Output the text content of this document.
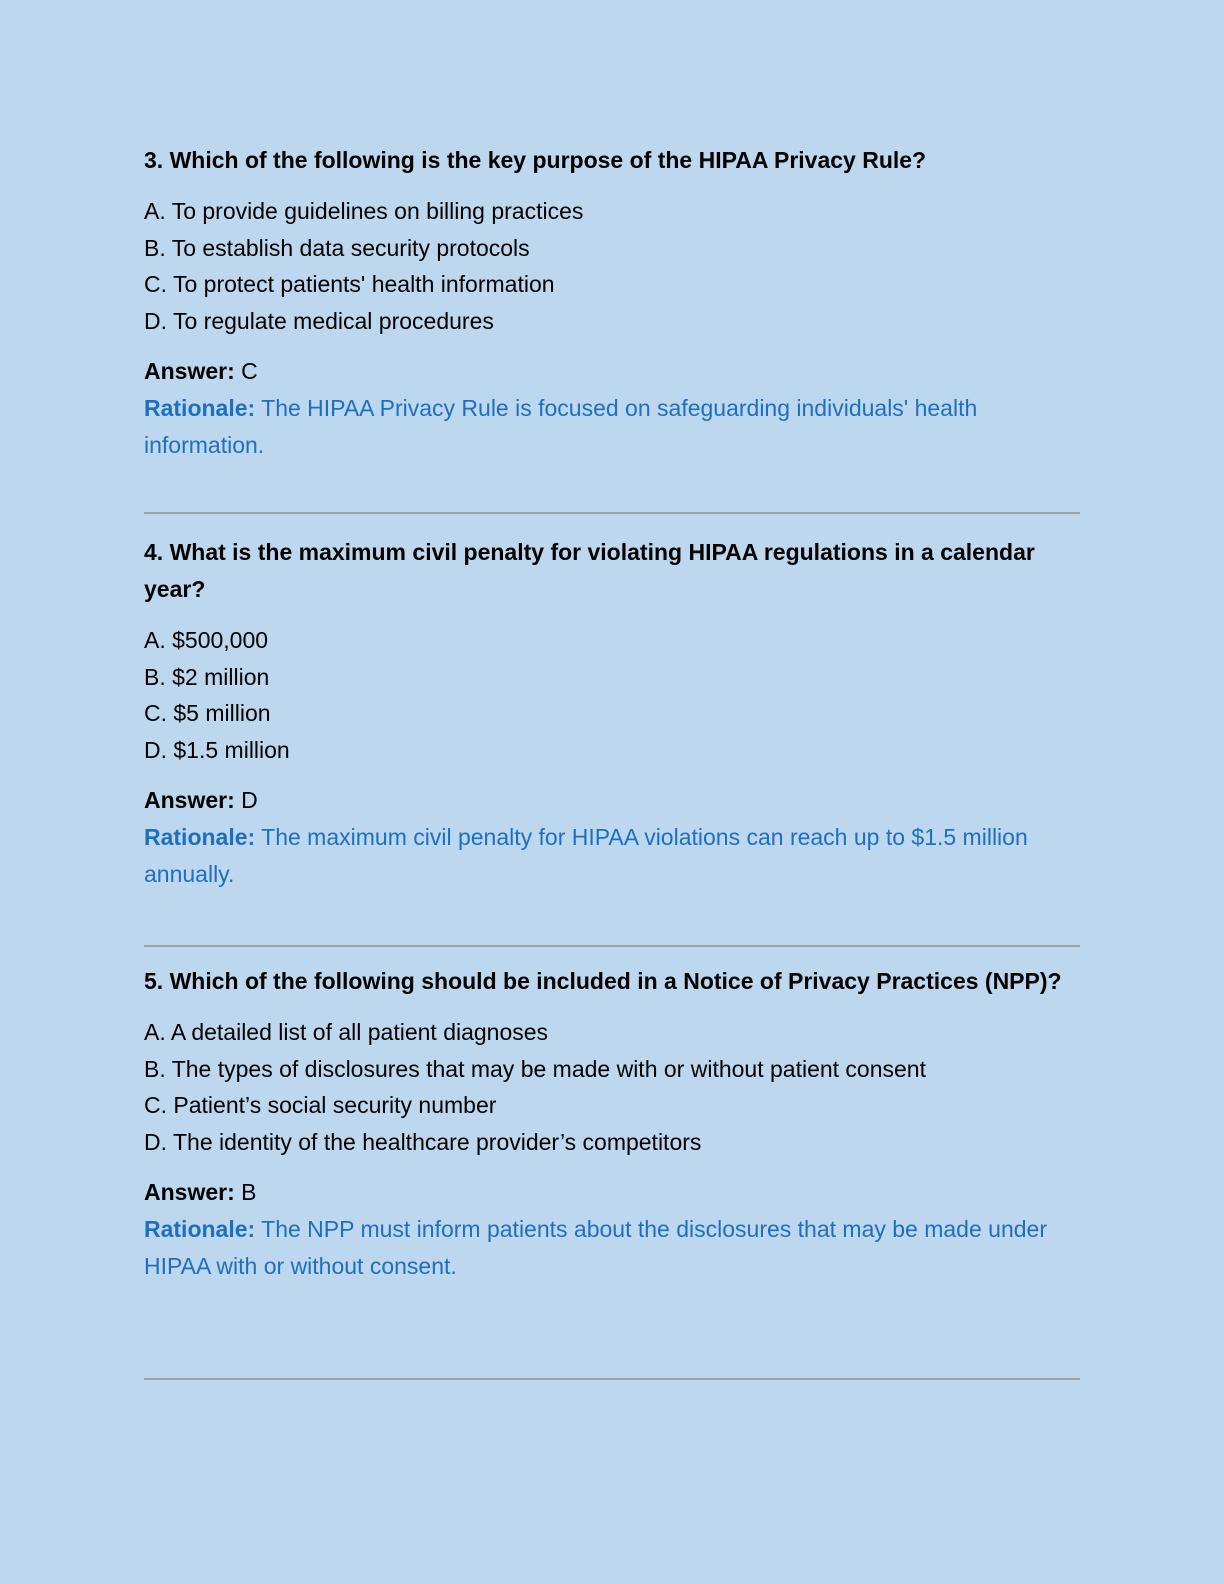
3. Which of the following is the key purpose of the HIPAA Privacy Rule?

A. To provide guidelines on billing practices
B. To establish data security protocols
C. To protect patients' health information
D. To regulate medical procedures
Answer: C
Rationale: The HIPAA Privacy Rule is focused on safeguarding individuals' health information.

4. What is the maximum civil penalty for violating HIPAA regulations in a calendar year?

A. $500,000
B. $2 million
C. $5 million
D. $1.5 million
Answer: D
Rationale: The maximum civil penalty for HIPAA violations can reach up to $1.5 million annually.

5. Which of the following should be included in a Notice of Privacy Practices (NPP)?

A. A detailed list of all patient diagnoses
B. The types of disclosures that may be made with or without patient consent
C. Patient’s social security number
D. The identity of the healthcare provider’s competitors
Answer: B
Rationale: The NPP must inform patients about the disclosures that may be made under HIPAA with or without consent.
